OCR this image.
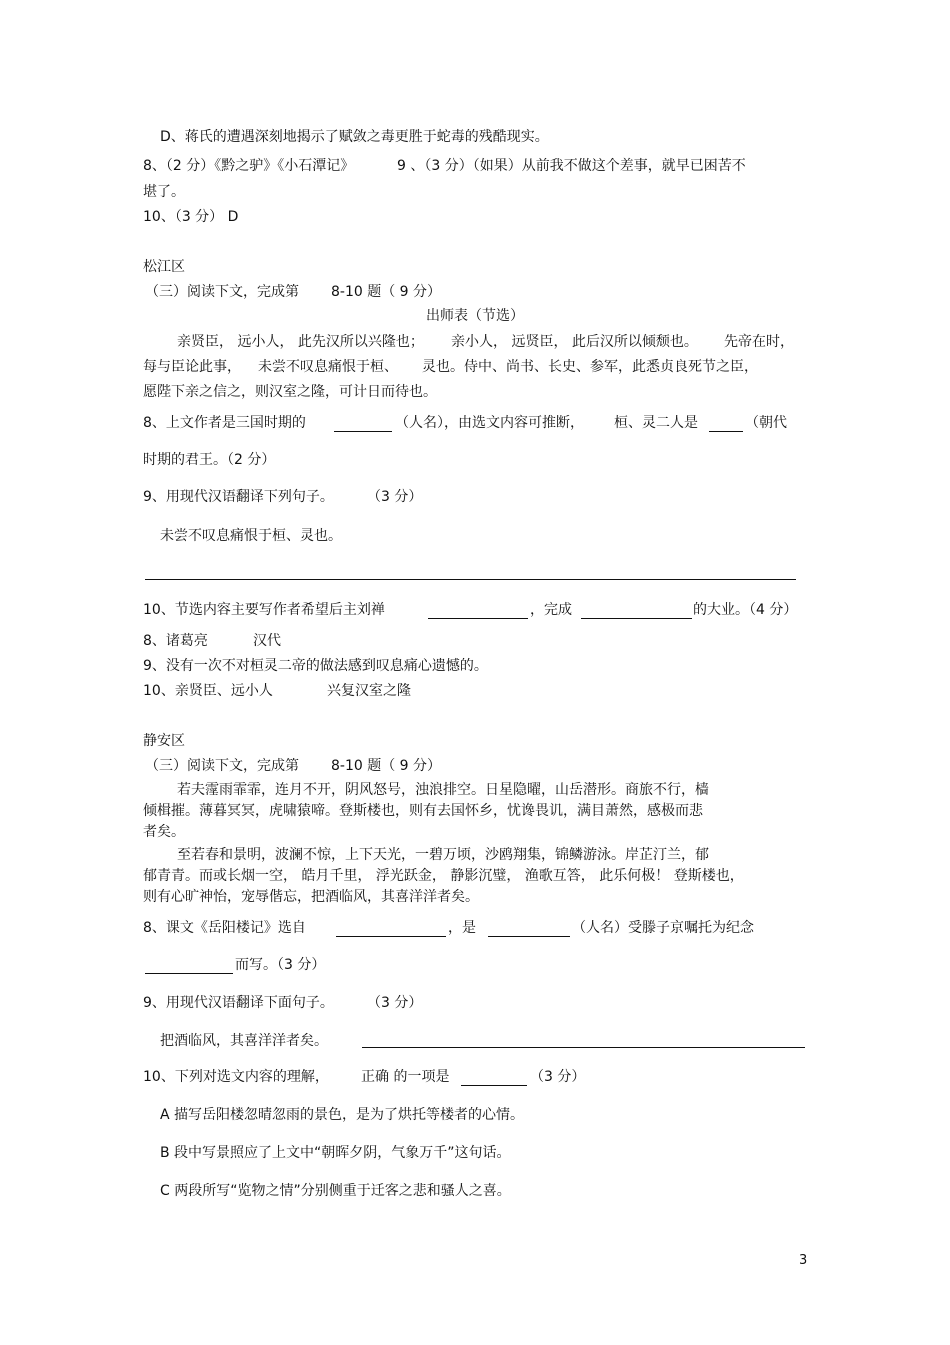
D、蒋氏的遭遇深刻地揭示了赋敛之毒更胜于蛇毒的残酷现实。
8、（2 分）《黔之驴》《小石潭记》	9 、（3 分）（如果）从前我不做这个差事，就早已困苦不
堪了。
10、（3 分） D
松江区
（三）阅读下文，完成第 8-10 题（ 9 分）
出师表（节选）
亲贤臣， 远小人， 此先汉所以兴隆也； 亲小人， 远贤臣， 此后汉所以倾颓也。 先帝在时，
每与臣论此事， 未尝不叹息痛恨于桓、 灵也。侍中、尚书、长史、参军，此悉贞良死节之臣，
愿陛下亲之信之，则汉室之隆，可计日而待也。
8、上文作者是三国时期的	（人名），由选文内容可推断， 桓、灵二人是	（朝代
时期的君王。（2 分）
9、用现代汉语翻译下列句子。 （3 分）
未尝不叹息痛恨于桓、灵也。
10、节选内容主要写作者希望后主刘禅	，完成	的大业。（4 分）
8、诸葛亮	汉代
9、没有一次不对桓灵二帝的做法感到叹息痛心遗憾的。
10、亲贤臣、远小人	兴复汉室之隆
静安区
（三）阅读下文，完成第 8-10 题（ 9 分）
若夫霪雨霏霏，连月不开，阴风怒号，浊浪排空。日星隐曜，山岳潜形。商旅不行，樯
倾楫摧。薄暮冥冥，虎啸猿啼。登斯楼也，则有去国怀乡，忧谗畏讥，满目萧然，感极而悲
者矣。
至若春和景明，波澜不惊，上下天光，一碧万顷，沙鸥翔集，锦鳞游泳。岸芷汀兰，郁
郁青青。而或长烟一空， 皓月千里， 浮光跃金， 静影沉璧， 渔歌互答， 此乐何极！ 登斯楼也，
则有心旷神怡，宠辱偕忘，把酒临风，其喜洋洋者矣。
8、课文《岳阳楼记》选自	，是	（人名）受滕子京嘱托为纪念
而写。（3 分）
9、用现代汉语翻译下面句子。 （3 分）
把酒临风，其喜洋洋者矣。
10、下列对选文内容的理解， 正确 的一项是	（3 分）
A 描写岳阳楼忽晴忽雨的景色，是为了烘托等楼者的心情。
B 段中写景照应了上文中“朝晖夕阴，气象万千”这句话。
C 两段所写“览物之情”分别侧重于迁客之悲和骚人之喜。
3
